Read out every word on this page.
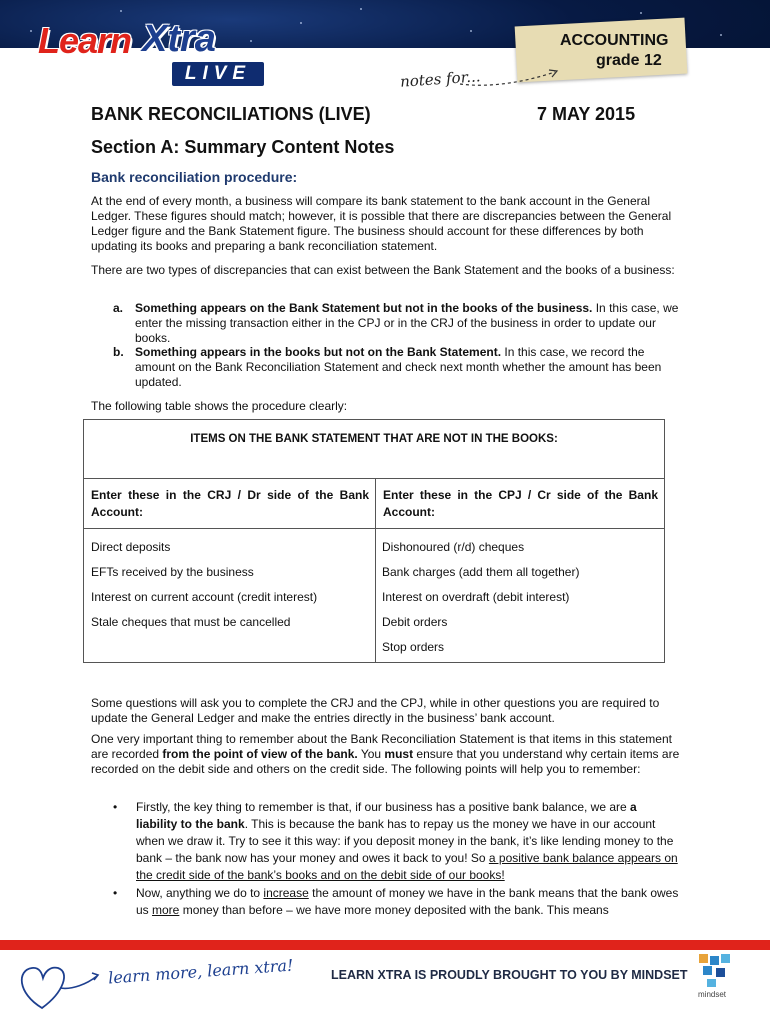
Learn Xtra
LIVE
ACCOUNTING
grade 12
notes for...
BANK RECONCILIATIONS (LIVE)	7 MAY 2015
Section A: Summary Content Notes
Bank reconciliation procedure:
At the end of every month, a business will compare its bank statement to the bank account in the General Ledger. These figures should match; however, it is possible that there are discrepancies between the General Ledger figure and the Bank Statement figure. The business should account for these differences by both updating its books and preparing a bank reconciliation statement.
There are two types of discrepancies that can exist between the Bank Statement and the books of a business:
a. Something appears on the Bank Statement but not in the books of the business. In this case, we enter the missing transaction either in the CPJ or in the CRJ of the business in order to update our books.
b. Something appears in the books but not on the Bank Statement. In this case, we record the amount on the Bank Reconciliation Statement and check next month whether the amount has been updated.
The following table shows the procedure clearly:
ITEMS ON THE BANK STATEMENT THAT ARE NOT IN THE BOOKS:
Enter these in the CRJ / Dr side of the Bank Account:
Enter these in the CPJ / Cr side of the Bank Account:
Direct deposits
EFTs received by the business
Interest on current account (credit interest)
Stale cheques that must be cancelled
Dishonoured (r/d) cheques
Bank charges (add them all together)
Interest on overdraft (debit interest)
Debit orders
Stop orders
Some questions will ask you to complete the CRJ and the CPJ, while in other questions you are required to update the General Ledger and make the entries directly in the business’ bank account.
One very important thing to remember about the Bank Reconciliation Statement is that items in this statement are recorded from the point of view of the bank. You must ensure that you understand why certain items are recorded on the debit side and others on the credit side. The following points will help you to remember:
• Firstly, the key thing to remember is that, if our business has a positive bank balance, we are a liability to the bank. This is because the bank has to repay us the money we have in our account when we draw it. Try to see it this way: if you deposit money in the bank, it’s like lending money to the bank – the bank now has your money and owes it back to you! So a positive bank balance appears on the credit side of the bank’s books and on the debit side of our books!
• Now, anything we do to increase the amount of money we have in the bank means that the bank owes us more money than before – we have more money deposited with the bank. This means
learn more, learn xtra!	LEARN XTRA IS PROUDLY BROUGHT TO YOU BY MINDSET
mindset
